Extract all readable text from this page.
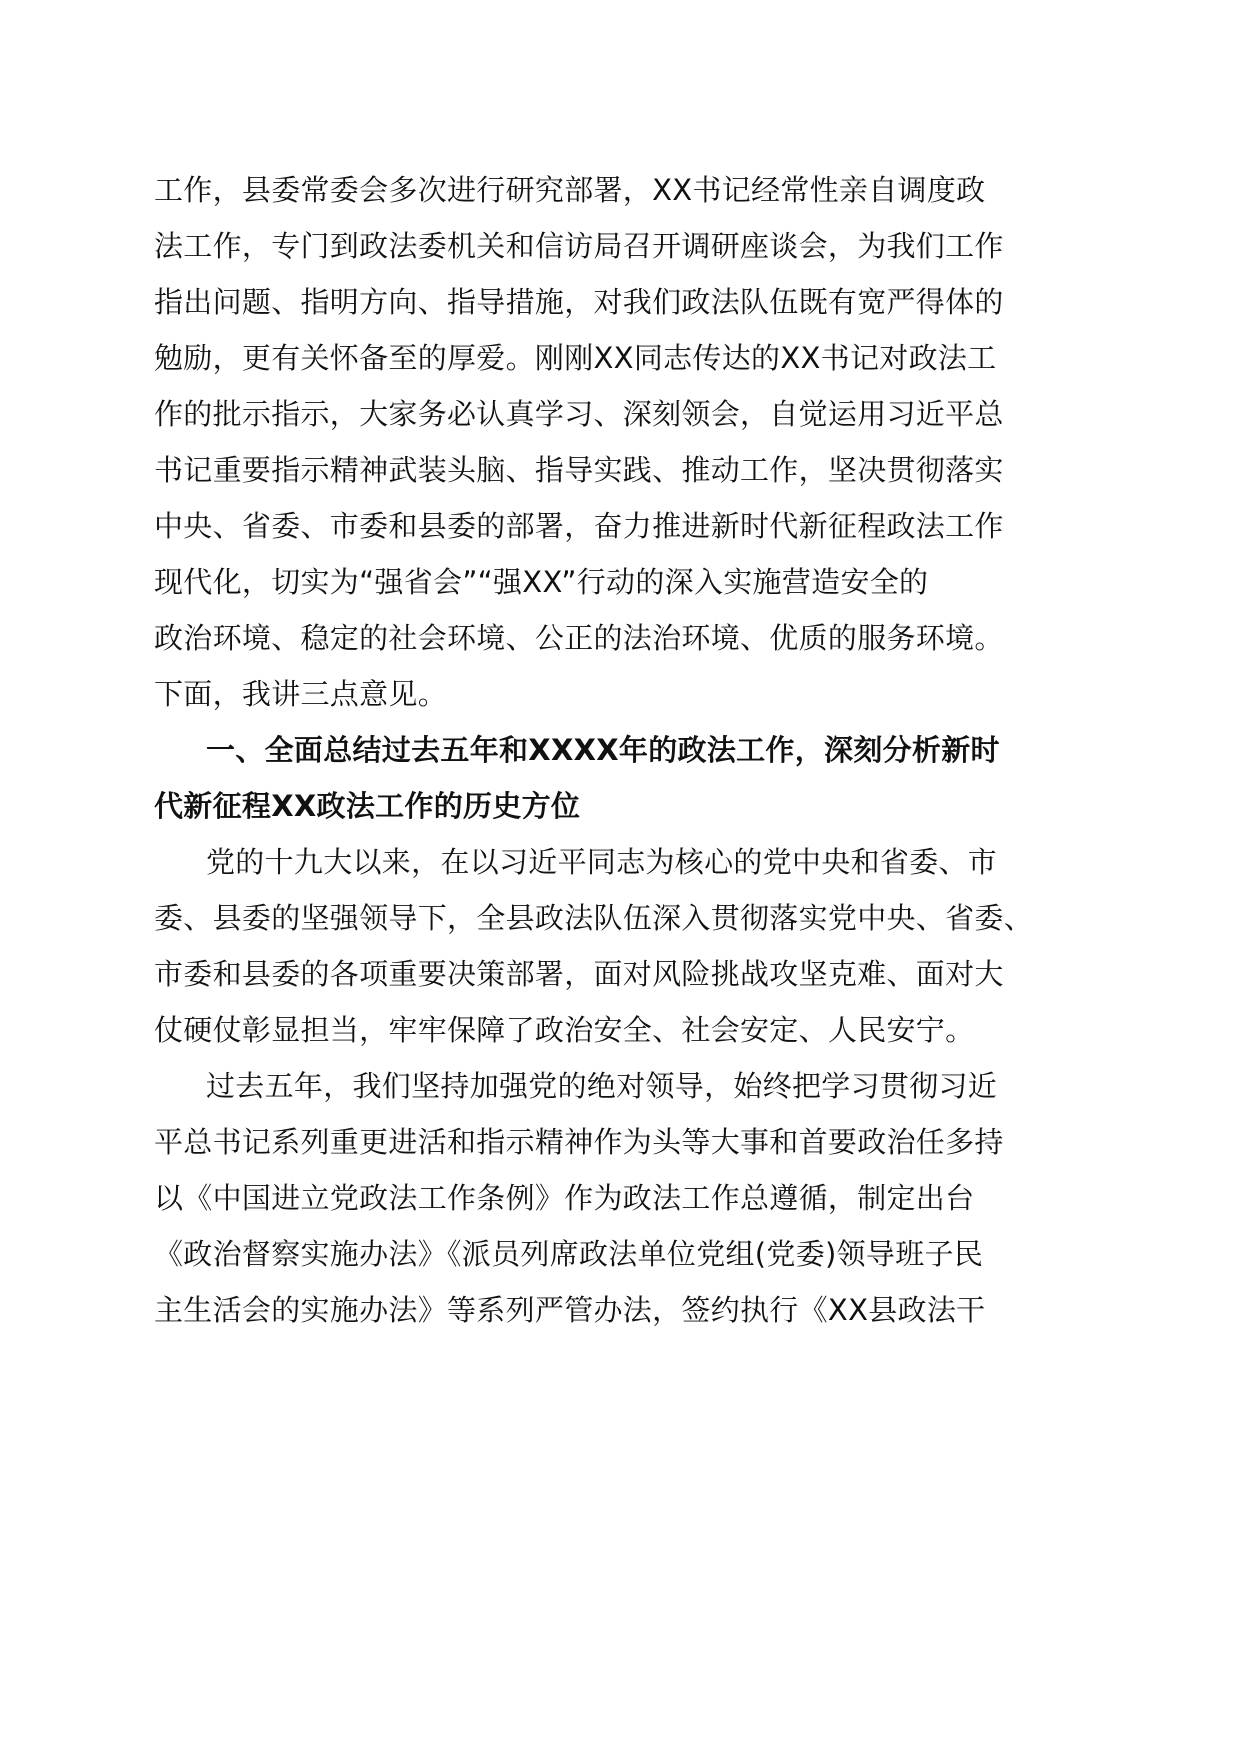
工作，县委常委会多次进行研究部署，XX书记经常性亲自调度政
法工作，专门到政法委机关和信访局召开调研座谈会，为我们工作
指出问题、指明方向、指导措施，对我们政法队伍既有宽严得体的
勉励，更有关怀备至的厚爱。刚刚XX同志传达的XX书记对政法工
作的批示指示，大家务必认真学习、深刻领会，自觉运用习近平总
书记重要指示精神武装头脑、指导实践、推动工作，坚决贯彻落实
中央、省委、市委和县委的部署，奋力推进新时代新征程政法工作
现代化，切实为“强省会”“强XX”行动的深入实施营造安全的
政治环境、稳定的社会环境、公正的法治环境、优质的服务环境。
下面，我讲三点意见。
一、全面总结过去五年和XXXX年的政法工作，深刻分析新时
代新征程XX政法工作的历史方位
党的十九大以来，在以习近平同志为核心的党中央和省委、市
委、县委的坚强领导下，全县政法队伍深入贯彻落实党中央、省委、
市委和县委的各项重要决策部署，面对风险挑战攻坚克难、面对大
仗硬仗彰显担当，牢牢保障了政治安全、社会安定、人民安宁。
过去五年，我们坚持加强党的绝对领导，始终把学习贯彻习近
平总书记系列重更进活和指示精神作为头等大事和首要政治任多持
以《中国进立党政法工作条例》作为政法工作总遵循，制定出台
《政治督察实施办法》《派员列席政法单位党组(党委)领导班子民
主生活会的实施办法》等系列严管办法，签约执行《XX县政法干
